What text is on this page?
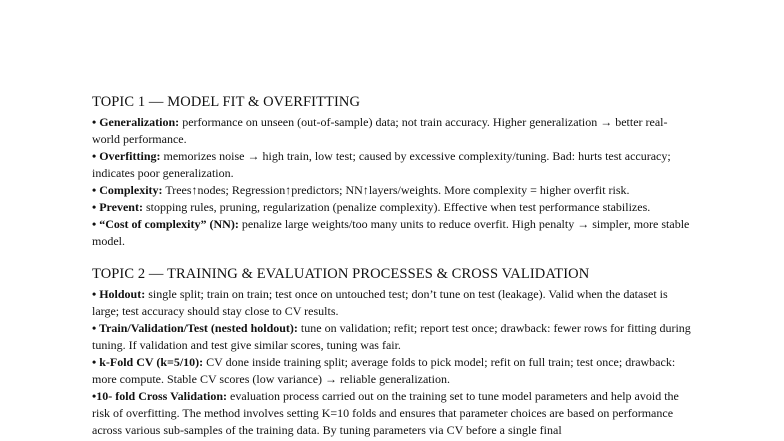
TOPIC 1 — MODEL FIT & OVERFITTING

• Generalization: performance on unseen (out-of-sample) data; not train accuracy. Higher generalization → better real-world performance.

• Overfitting: memorizes noise → high train, low test; caused by excessive complexity/tuning. Bad: hurts test accuracy; indicates poor generalization.

• Complexity: Trees↑nodes; Regression↑predictors; NN↑layers/weights. More complexity = higher overfit risk.

• Prevent: stopping rules, pruning, regularization (penalize complexity). Effective when test performance stabilizes.

• “Cost of complexity” (NN): penalize large weights/too many units to reduce overfit. High penalty → simpler, more stable model.

TOPIC 2 — TRAINING & EVALUATION PROCESSES & CROSS VALIDATION

• Holdout: single split; train on train; test once on untouched test; don’t tune on test (leakage). Valid when the dataset is large; test accuracy should stay close to CV results.

• Train/Validation/Test (nested holdout): tune on validation; refit; report test once; drawback: fewer rows for fitting during tuning. If validation and test give similar scores, tuning was fair.

• k-Fold CV (k=5/10): CV done inside training split; average folds to pick model; refit on full train; test once; drawback: more compute. Stable CV scores (low variance) → reliable generalization.

•10- fold Cross Validation: evaluation process carried out on the training set to tune model parameters and help avoid the risk of overfitting. The method involves setting K=10 folds and ensures that parameter choices are based on performance across various sub-samples of the training data. By tuning parameters via CV before a single final
